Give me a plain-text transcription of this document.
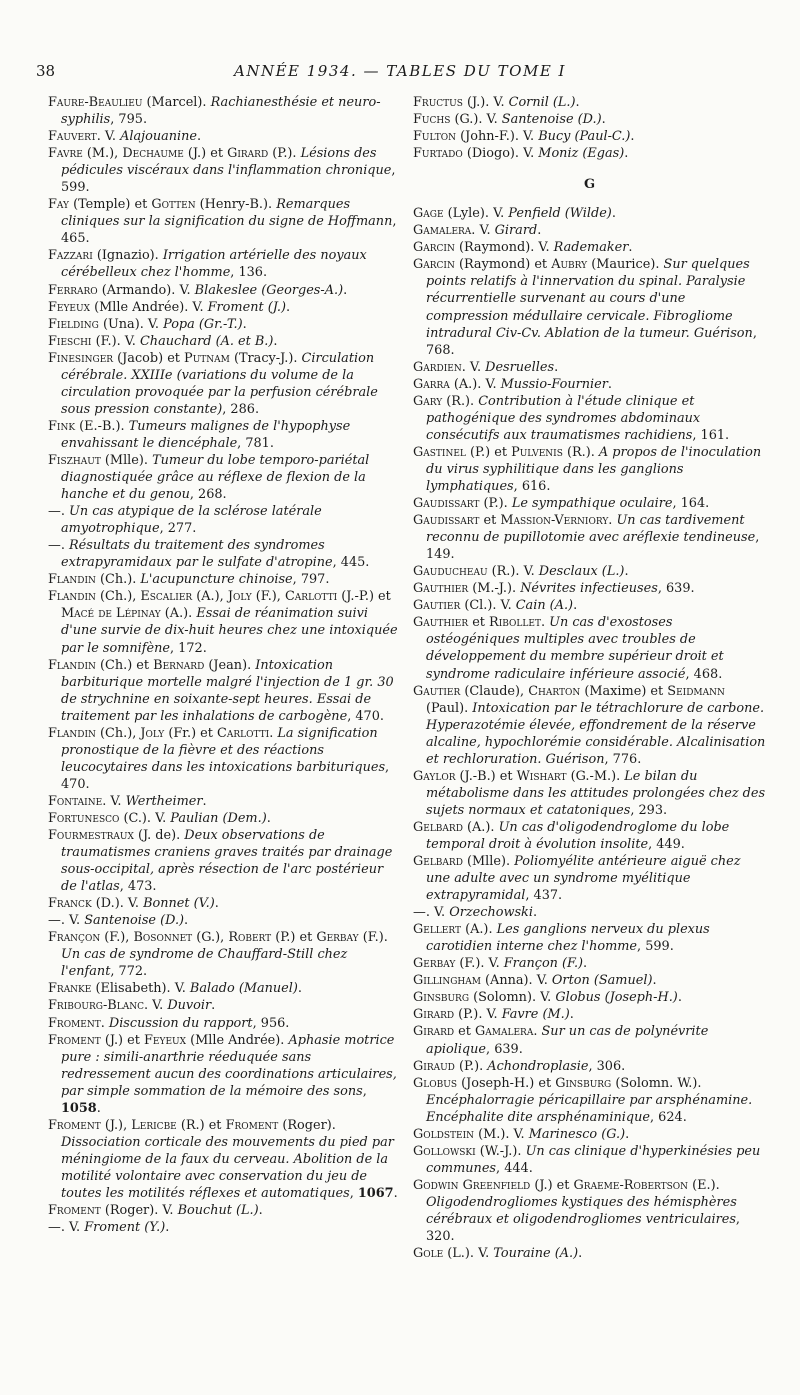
38	ANNÉE 1934. — TABLES DU TOME I

Faure-Beaulieu (Marcel). Rachianesthésie et neuro-syphilis, 795.

Fauvert. V. Alajouanine.

Favre (M.), Dechaume (J.) et Girard (P.). Lésions des pédicules viscéraux dans l'inflammation chronique, 599.

Fay (Temple) et Gotten (Henry-B.). Remarques cliniques sur la signification du signe de Hoffmann, 465.

Fazzari (Ignazio). Irrigation artérielle des noyaux cérébelleux chez l'homme, 136.

Ferraro (Armando). V. Blakeslee (Georges-A.).

Feyeux (Mlle Andrée). V. Froment (J.).

Fielding (Una). V. Popa (Gr.-T.).

Fieschi (F.). V. Chauchard (A. et B.).

Finesinger (Jacob) et Putnam (Tracy-J.). Circulation cérébrale. XXIIIe (variations du volume de la circulation provoquée par la perfusion cérébrale sous pression constante), 286.

Fink (E.-B.). Tumeurs malignes de l'hypophyse envahissant le diencéphale, 781.

Fiszhaut (Mlle). Tumeur du lobe temporo-pariétal diagnostiquée grâce au réflexe de flexion de la hanche et du genou, 268.

—. Un cas atypique de la sclérose latérale amyotrophique, 277.

—. Résultats du traitement des syndromes extrapyramidaux par le sulfate d'atropine, 445.

Flandin (Ch.). L'acupuncture chinoise, 797.

Flandin (Ch.), Escalier (A.), Joly (F.), Carlotti (J.-P.) et Macé de Lépinay (A.). Essai de réanimation suivi d'une survie de dix-huit heures chez une intoxiquée par le somnifène, 172.

Flandin (Ch.) et Bernard (Jean). Intoxication barbiturique mortelle malgré l'injection de 1 gr. 30 de strychnine en soixante-sept heures. Essai de traitement par les inhalations de carbogène, 470.

Flandin (Ch.), Joly (Fr.) et Carlotti. La signification pronostique de la fièvre et des réactions leucocytaires dans les intoxications barbituriques, 470.

Fontaine. V. Wertheimer.

Fortunesco (C.). V. Paulian (Dem.).

Fourmestraux (J. de). Deux observations de traumatismes craniens graves traités par drainage sous-occipital, après résection de l'arc postérieur de l'atlas, 473.

Franck (D.). V. Bonnet (V.).

—. V. Santenoise (D.).

Françon (F.), Bosonnet (G.), Robert (P.) et Gerbay (F.). Un cas de syndrome de Chauffard-Still chez l'enfant, 772.

Franke (Elisabeth). V. Balado (Manuel).

Fribourg-Blanc. V. Duvoir.

Froment. Discussion du rapport, 956.

Froment (J.) et Feyeux (Mlle Andrée). Aphasie motrice pure : simili-anarthrie réeduquée sans redressement aucun des coordinations articulaires, par simple sommation de la mémoire des sons, 1058.

Froment (J.), Lericbe (R.) et Froment (Roger). Dissociation corticale des mouvements du pied par méningiome de la faux du cerveau. Abolition de la motilité volontaire avec conservation du jeu de toutes les motilités réflexes et automatiques, 1067.

Froment (Roger). V. Bouchut (L.).

—. V. Froment (Y.).

Fructus (J.). V. Cornil (L.).

Fuchs (G.). V. Santenoise (D.).

Fulton (John-F.). V. Bucy (Paul-C.).

Furtado (Diogo). V. Moniz (Egas).

G

Gage (Lyle). V. Penfield (Wilde).

Gamalera. V. Girard.

Garcin (Raymond). V. Rademaker.

Garcin (Raymond) et Aubry (Maurice). Sur quelques points relatifs à l'innervation du spinal. Paralysie récurrentielle survenant au cours d'une compression médullaire cervicale. Fibrogliome intradural Civ-Cv. Ablation de la tumeur. Guérison, 768.

Gardien. V. Desruelles.

Garra (A.). V. Mussio-Fournier.

Gary (R.). Contribution à l'étude clinique et pathogénique des syndromes abdominaux consécutifs aux traumatismes rachidiens, 161.

Gastinel (P.) et Pulvenis (R.). A propos de l'inoculation du virus syphilitique dans les ganglions lymphatiques, 616.

Gaudissart (P.). Le sympathique oculaire, 164.

Gaudissart et Massion-Verniory. Un cas tardivement reconnu de pupillotomie avec aréflexie tendineuse, 149.

Gauducheau (R.). V. Desclaux (L.).

Gauthier (M.-J.). Névrites infectieuses, 639.

Gautier (Cl.). V. Cain (A.).

Gauthier et Ribollet. Un cas d'exostoses ostéogéniques multiples avec troubles de développement du membre supérieur droit et syndrome radiculaire inférieure associé, 468.

Gautier (Claude), Charton (Maxime) et Seidmann (Paul). Intoxication par le tétrachlorure de carbone. Hyperazotémie élevée, effondrement de la réserve alcaline, hypochlorémie considérable. Alcalinisation et rechloruration. Guérison, 776.

Gaylor (J.-B.) et Wishart (G.-M.). Le bilan du métabolisme dans les attitudes prolongées chez des sujets normaux et catatoniques, 293.

Gelbard (A.). Un cas d'oligodendroglome du lobe temporal droit à évolution insolite, 449.

Gelbard (Mlle). Poliomyélite antérieure aiguë chez une adulte avec un syndrome myélitique extrapyramidal, 437.

—. V. Orzechowski.

Gellert (A.). Les ganglions nerveux du plexus carotidien interne chez l'homme, 599.

Gerbay (F.). V. Françon (F.).

Gillingham (Anna). V. Orton (Samuel).

Ginsburg (Solomn). V. Globus (Joseph-H.).

Girard (P.). V. Favre (M.).

Girard et Gamalera. Sur un cas de polynévrite apiolique, 639.

Giraud (P.). Achondroplasie, 306.

Globus (Joseph-H.) et Ginsburg (Solomn. W.). Encéphalorragie péricapillaire par arsphénamine. Encéphalite dite arsphénaminique, 624.

Goldstein (M.). V. Marinesco (G.).

Gollowski (W.-J.). Un cas clinique d'hyperkinésies peu communes, 444.

Godwin Greenfield (J.) et Graeme-Robertson (E.). Oligodendrogliomes kystiques des hémisphères cérébraux et oligodendrogliomes ventriculaires, 320.

Gole (L.). V. Touraine (A.).
